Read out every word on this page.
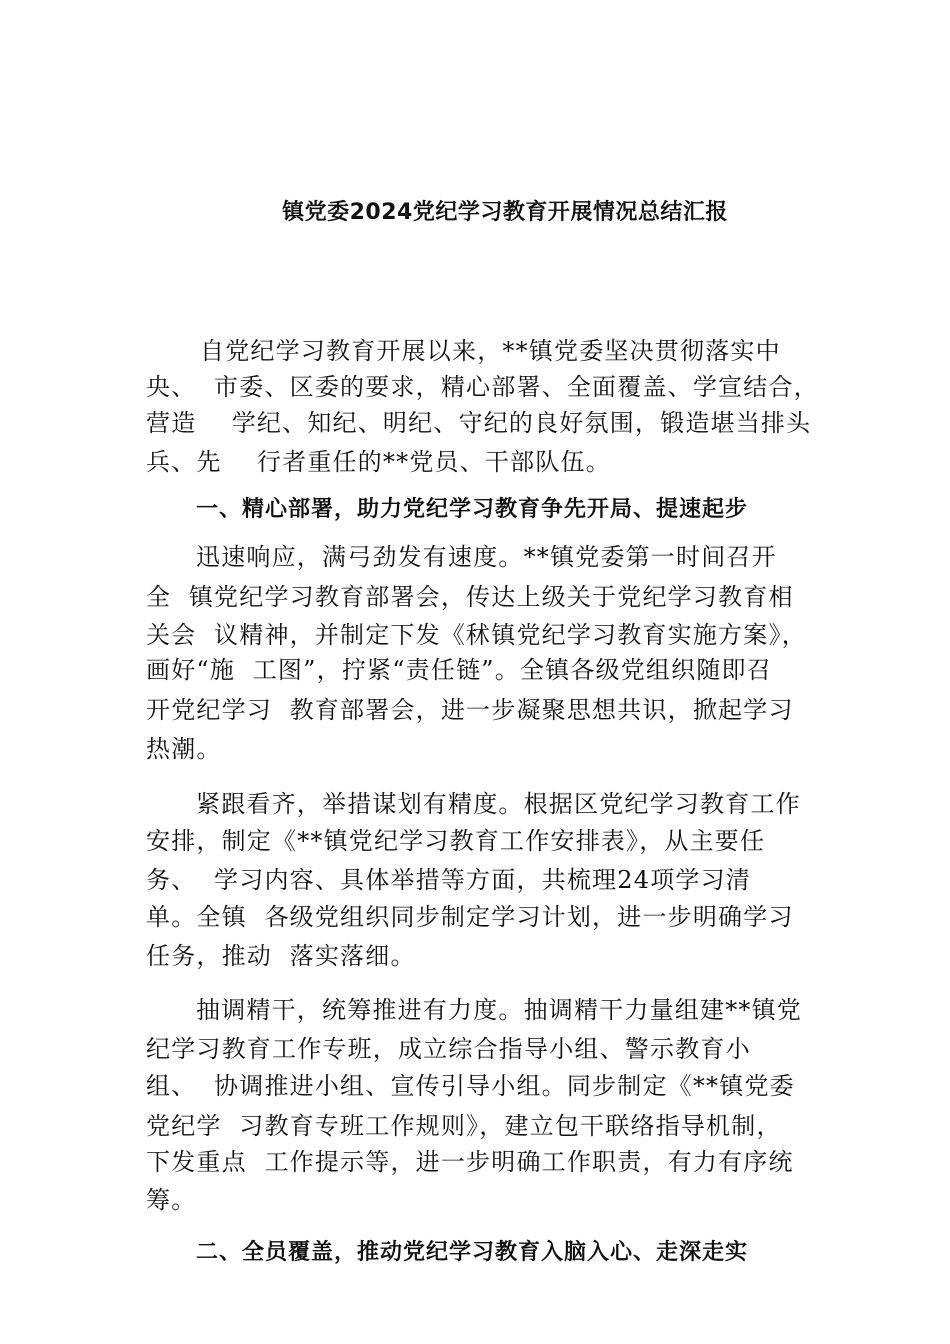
镇党委2024党纪学习教育开展情况总结汇报
自党纪学习教育开展以来，**镇党委坚决贯彻落实中
央、  市委、区委的要求，精心部署、全面覆盖、学宣结合，
营造    学纪、知纪、明纪、守纪的良好氛围，锻造堪当排头
兵、先    行者重任的**党员、干部队伍。
一、精心部署，助力党纪学习教育争先开局、提速起步
迅速响应，满弓劲发有速度。**镇党委第一时间召开
全  镇党纪学习教育部署会，传达上级关于党纪学习教育相
关会  议精神，并制定下发《秫镇党纪学习教育实施方案》，
画好“施  工图”，拧紧“责任链”。全镇各级党组织随即召
开党纪学习  教育部署会，进一步凝聚思想共识，掀起学习
热潮。
紧跟看齐，举措谋划有精度。根据区党纪学习教育工作
安排，制定《**镇党纪学习教育工作安排表》，从主要任
务、  学习内容、具体举措等方面，共梳理24项学习清
单。全镇  各级党组织同步制定学习计划，进一步明确学习
任务，推动  落实落细。
抽调精干，统筹推进有力度。抽调精干力量组建**镇党
纪学习教育工作专班，成立综合指导小组、警示教育小
组、  协调推进小组、宣传引导小组。同步制定《**镇党委
党纪学  习教育专班工作规则》，建立包干联络指导机制，
下发重点  工作提示等，进一步明确工作职责，有力有序统
筹。
二、全员覆盖，推动党纪学习教育入脑入心、走深走实
